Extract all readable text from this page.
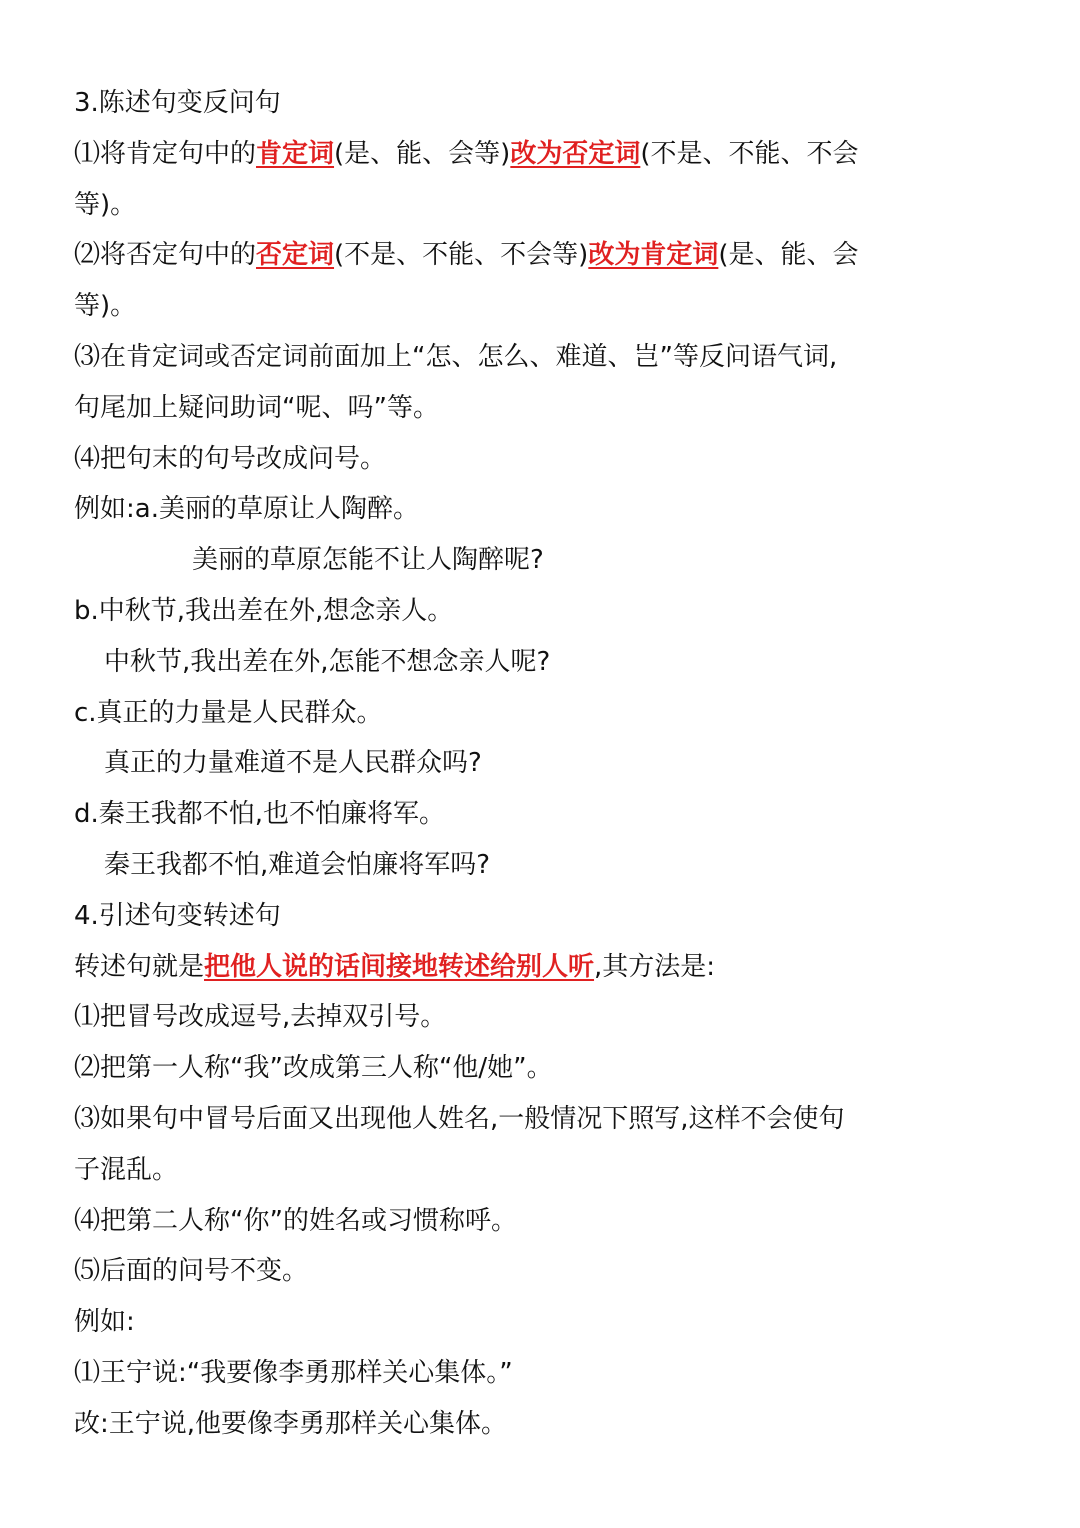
3.陈述句变反问句
⑴将肯定句中的肯定词(是、能、会等)改为否定词(不是、不能、不会
等)。
⑵将否定句中的否定词(不是、不能、不会等)改为肯定词(是、能、会
等)。
⑶在肯定词或否定词前面加上“怎、怎么、难道、岂”等反问语气词,
句尾加上疑问助词“呢、吗”等。
⑷把句末的句号改成问号。
例如:a.美丽的草原让人陶醉。
美丽的草原怎能不让人陶醉呢?
b.中秋节,我出差在外,想念亲人。
中秋节,我出差在外,怎能不想念亲人呢?
c.真正的力量是人民群众。
真正的力量难道不是人民群众吗?
d.秦王我都不怕,也不怕廉将军。
秦王我都不怕,难道会怕廉将军吗?
4.引述句变转述句
转述句就是把他人说的话间接地转述给别人听,其方法是:
⑴把冒号改成逗号,去掉双引号。
⑵把第一人称“我”改成第三人称“他/她”。
⑶如果句中冒号后面又出现他人姓名,一般情况下照写,这样不会使句
子混乱。
⑷把第二人称“你”的姓名或习惯称呼。
⑸后面的问号不变。
例如:
⑴王宁说:“我要像李勇那样关心集体。”
改:王宁说,他要像李勇那样关心集体。
